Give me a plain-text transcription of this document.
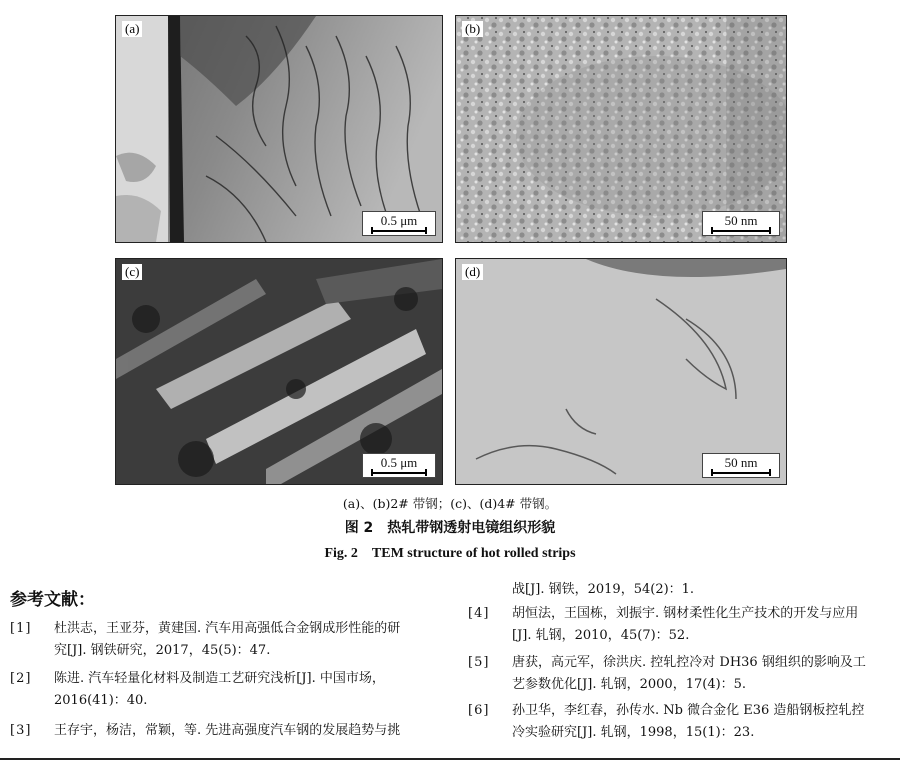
(a)
0.5 μm
(b)
50 nm
(c)
0.5 μm
(d)
50 nm
(a)、(b)2# 带钢；(c)、(d)4# 带钢。
图 2　热轧带钢透射电镜组织形貌
Fig. 2　TEM structure of hot rolled strips
参考文献：
[1] 杜洪志，王亚芬，黄建国. 汽车用高强低合金钢成形性能的研
究[J]. 钢铁研究，2017，45(5)：47.
[2] 陈进. 汽车轻量化材料及制造工艺研究浅析[J]. 中国市场，
2016(41)：40.
[3] 王存宇，杨洁，常颖，等. 先进高强度汽车钢的发展趋势与挑
战[J]. 钢铁，2019，54(2)：1.
[4] 胡恒法，王国栋，刘振宇. 钢材柔性化生产技术的开发与应用
[J]. 轧钢，2010，45(7)：52.
[5] 唐获，高元军，徐洪庆. 控轧控冷对 DH36 钢组织的影响及工
艺参数优化[J]. 轧钢，2000，17(4)：5.
[6] 孙卫华，李红春，孙传水. Nb 微合金化 E36 造船钢板控轧控
冷实验研究[J]. 轧钢，1998，15(1)：23.
